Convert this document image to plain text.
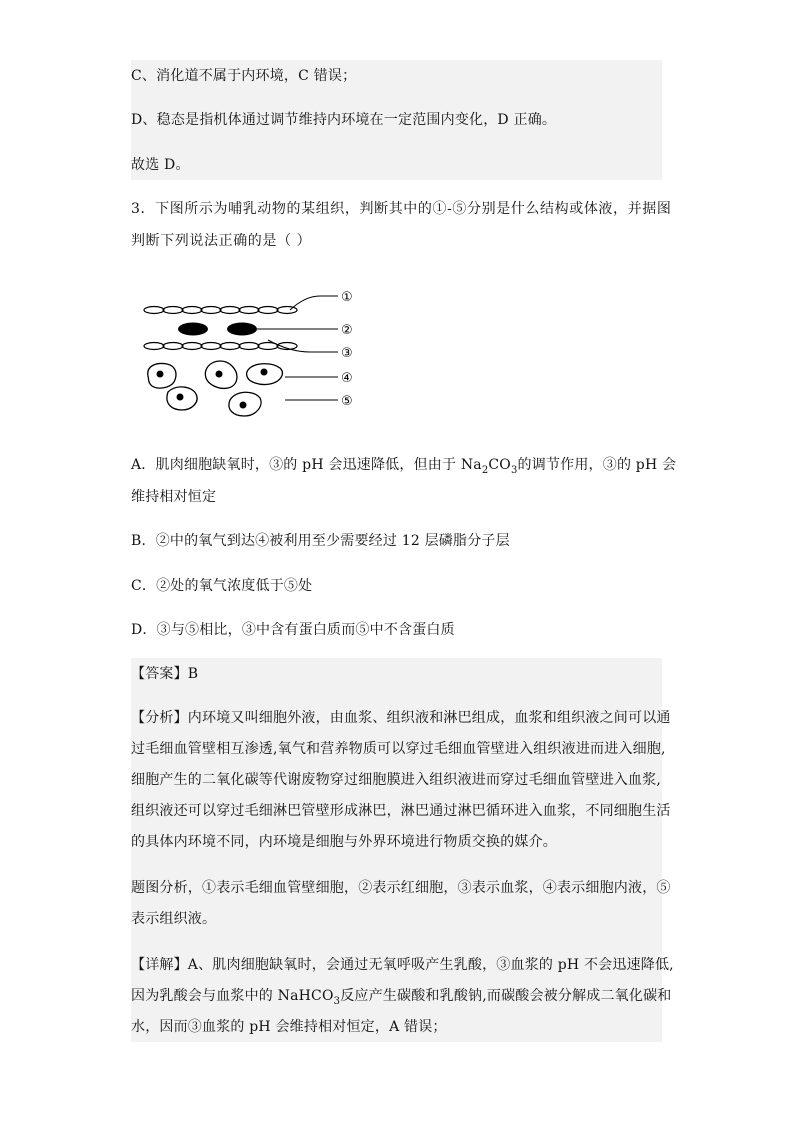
C、消化道不属于内环境，C 错误；
D、稳态是指机体通过调节维持内环境在一定范围内变化，D 正确。
故选 D。
3．下图所示为哺乳动物的某组织，判断其中的①-⑤分别是什么结构或体液，并据图
判断下列说法正确的是（ ）
①
②
③
④
⑤
A．肌肉细胞缺氧时，③的 pH 会迅速降低，但由于 $Na_2CO_3$的调节作用，③的 pH 会
维持相对恒定
B．②中的氧气到达④被利用至少需要经过 12 层磷脂分子层
C．②处的氧气浓度低于⑤处
D．③与⑤相比，③中含有蛋白质而⑤中不含蛋白质
【答案】B
【分析】内环境又叫细胞外液，由血浆、组织液和淋巴组成，血浆和组织液之间可以通
过毛细血管壁相互渗透,氧气和营养物质可以穿过毛细血管壁进入组织液进而进入细胞,
细胞产生的二氧化碳等代谢废物穿过细胞膜进入组织液进而穿过毛细血管壁进入血浆,
组织液还可以穿过毛细淋巴管壁形成淋巴，淋巴通过淋巴循环进入血浆，不同细胞生活
的具体内环境不同，内环境是细胞与外界环境进行物质交换的媒介。
题图分析，①表示毛细血管壁细胞，②表示红细胞，③表示血浆，④表示细胞内液，⑤
表示组织液。
【详解】A、肌肉细胞缺氧时，会通过无氧呼吸产生乳酸，③血浆的 pH 不会迅速降低,
因为乳酸会与血浆中的 NaHCO$_3$反应产生碳酸和乳酸钠,而碳酸会被分解成二氧化碳和
水，因而③血浆的 pH 会维持相对恒定，A 错误；
